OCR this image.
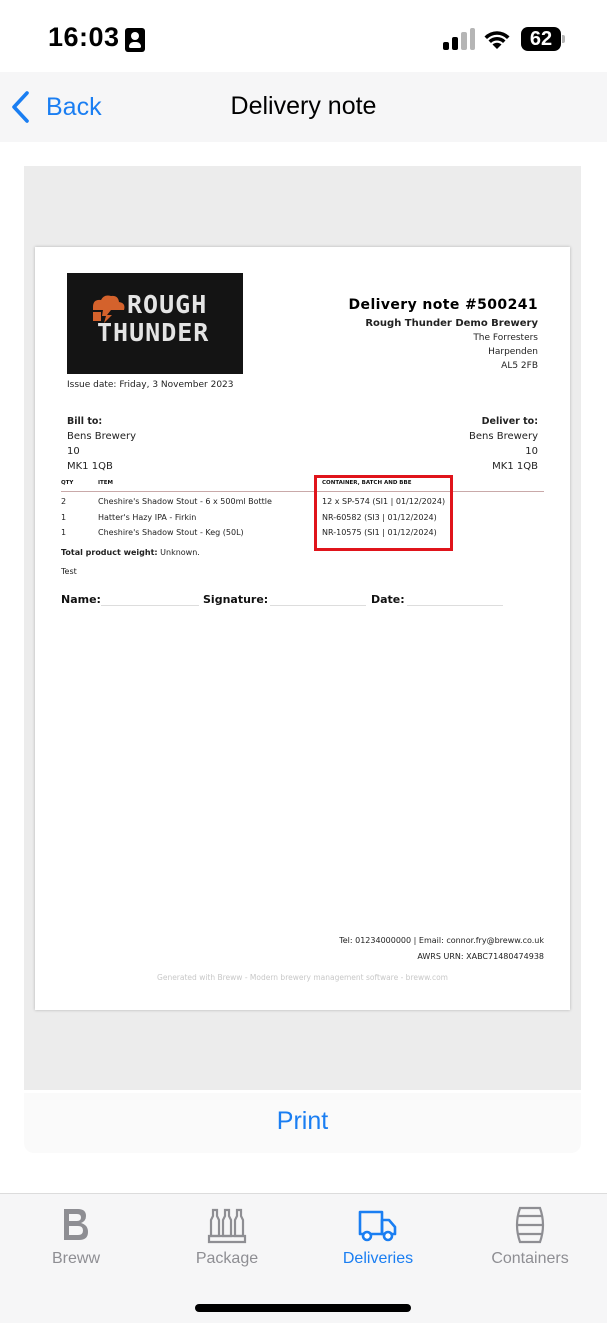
16:03	62
Back	Delivery note
ROUGH
THUNDER
Issue date: Friday, 3 November 2023
Delivery note #500241
Rough Thunder Demo Brewery
The Forresters
Harpenden
AL5 2FB
Bill to:
Bens Brewery
10
MK1 1QB
Deliver to:
Bens Brewery
10
MK1 1QB
QTY	ITEM	CONTAINER, BATCH AND BBE
2	Cheshire's Shadow Stout - 6 x 500ml Bottle	12 x SP-574 (SI1 | 01/12/2024)
1	Hatter's Hazy IPA - Firkin	NR-60582 (SI3 | 01/12/2024)
1	Cheshire's Shadow Stout - Keg (50L)	NR-10575 (SI1 | 01/12/2024)
Total product weight: Unknown.
Test
Name:	Signature:	Date:
Tel: 01234000000 | Email: connor.fry@breww.co.uk
AWRS URN: XABC71480474938
Generated with Breww - Modern brewery management software - breww.com
Print
Breww	Package	Deliveries	Containers
